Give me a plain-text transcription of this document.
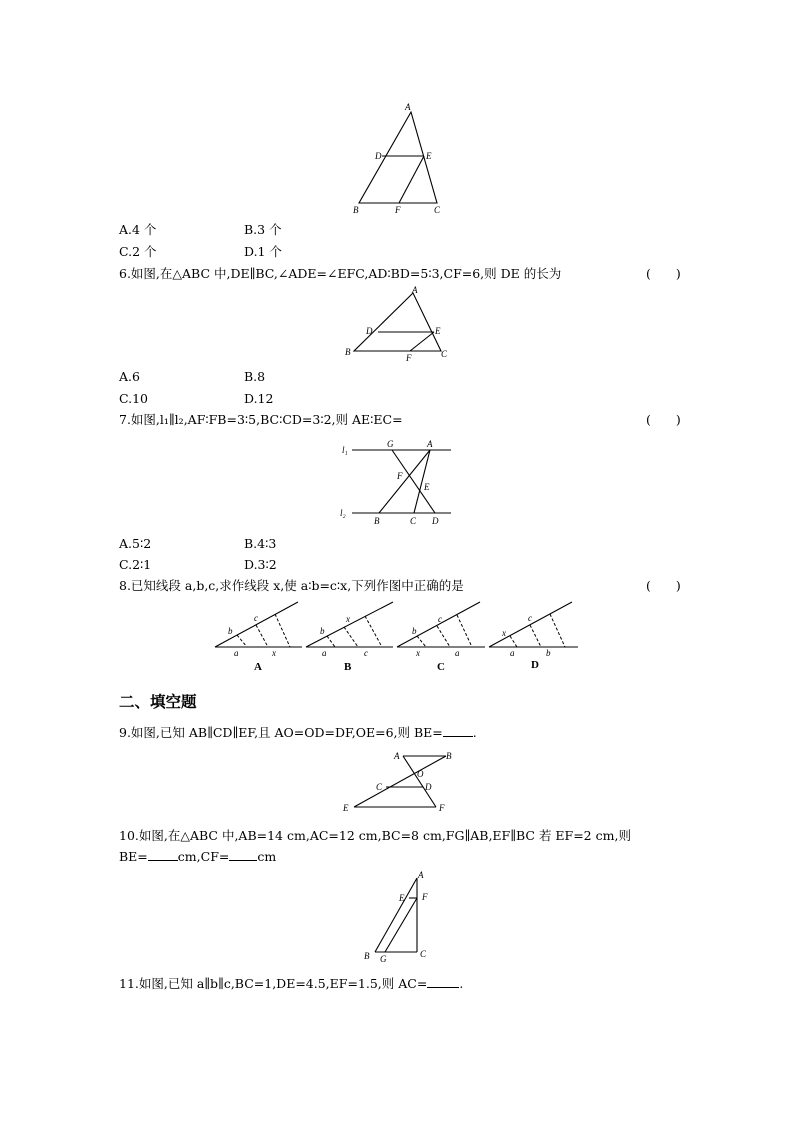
A
D	E
B	F	C
A.4 个	B.3 个
C.2 个	D.1 个
6.如图,在△ABC 中,DE∥BC,∠ADE=∠EFC,AD∶BD=5∶3,CF=6,则 DE 的长为	(　　)
A
D	E
B
F	C
A.6	B.8
C.10	D.12
7.如图,l₁∥l₂,AF∶FB=3∶5,BC∶CD=3∶2,则 AE∶EC=	(　　)
l₁
l₂
G	A
F
E
B	C D
A.5∶2	B.4∶3
C.2∶1	D.3∶2
8.已知线段 a,b,c,求作线段 x,使 a∶b=c∶x,下列作图中正确的是	(　　)
b
c
a	x
A
b
x
a	c
B
b
c
x	a
C
x
c
a	b
D
二、填空题
9.如图,已知 AB∥CD∥EF,且 AO=OD=DF,OE=6,则 BE= .
A	B
O
C	D
E	F
10.如图,在△ABC 中,AB=14 cm,AC=12 cm,BC=8 cm,FG∥AB,EF∥BC 若 EF=2 cm,则
BE= cm,CF= cm
A
E F
B G	C
11.如图,已知 a∥b∥c,BC=1,DE=4.5,EF=1.5,则 AC=	.
